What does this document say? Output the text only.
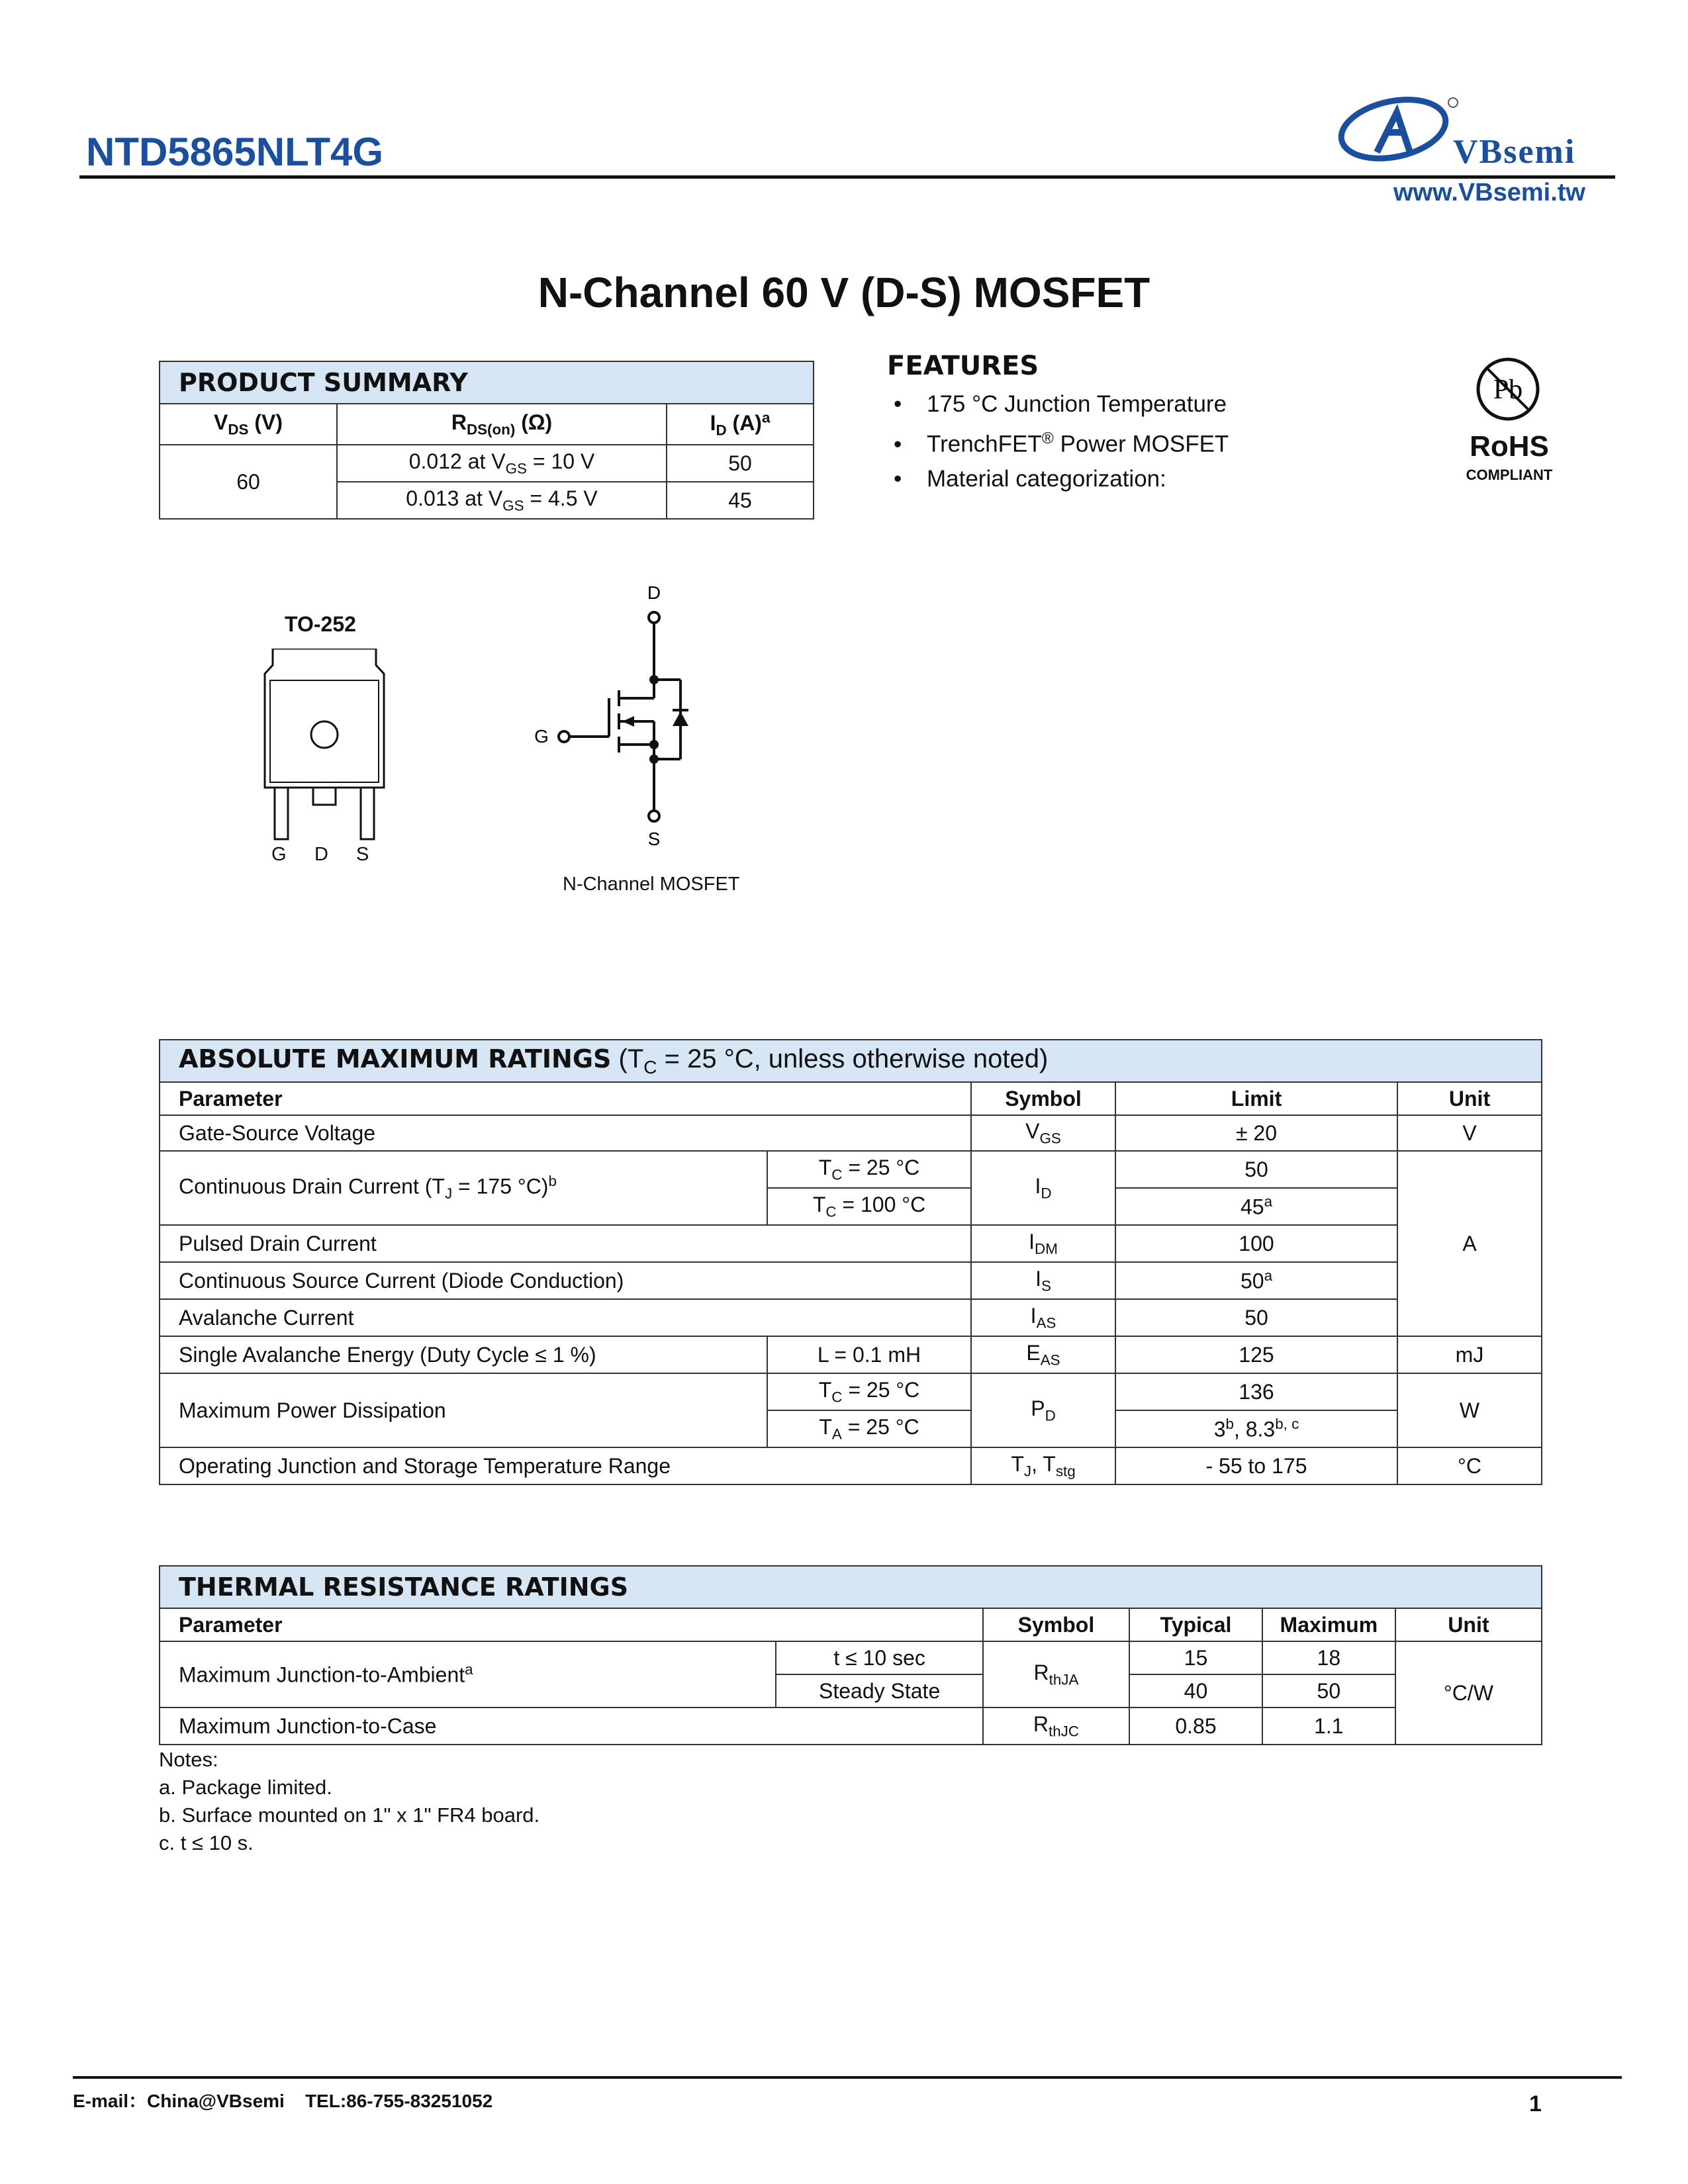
NTD5865NLT4G	VBsemi
www.VBsemi.tw
N-Channel 60 V (D-S) MOSFET
PRODUCT SUMMARY		
$V_{DS}$ (V)	$R_{DS(on)}$ (Ω)	$I_D$ $(A)^a$
60	0.012 at $V_{GS} = 10$ V	50
	0.013 at $V_{GS} = 4.5$ V	45
FEATURES
• 175 °C Junction Temperature
• TrenchFET® Power MOSFET
• Material categorization:
Pb
RoHS
COMPLIANT
TO-252
G D S
D
G
S
N-Channel MOSFET
ABSOLUTE MAXIMUM RATINGS ($T_C = 25$ °C, unless otherwise noted)				
Parameter		Symbol	Limit	Unit
Gate-Source Voltage		$V_{GS}$	± 20	V
Continuous Drain Current ($T_J = 175$ °C)$^b$	$T_C = 25$ °C	$I_D$	50	A
	$T_C = 100$ °C		45$^a$
Pulsed Drain Current		$I_{DM}$	100	
Continuous Source Current (Diode Conduction)		$I_S$	50$^a$
Avalanche Current		$I_{AS}$	50	
Single Avalanche Energy (Duty Cycle ≤ 1 %)	L = 0.1 mH	$E_{AS}$	125	mJ
Maximum Power Dissipation	$T_C = 25$ °C	$P_D$	136	W
	$T_A = 25$ °C		3$^b$, 8.3$^{b, c}$
Operating Junction and Storage Temperature Range		$T_J$, $T_{stg}$	- 55 to 175	°C
THERMAL RESISTANCE RATINGS					
Parameter		Symbol	Typical	Maximum	Unit
Maximum Junction-to-Ambient$^a$	t ≤ 10 sec	$R_{thJA}$	15	18	°C/W
	Steady State		40	50	
Maximum Junction-to-Case		$R_{thJC}$	0.85	1.1	
Notes:
a. Package limited.
b. Surface mounted on 1" x 1" FR4 board.
c. t ≤ 10 s.
E-mail：China@VBsemi    TEL:86-755-83251052	1
